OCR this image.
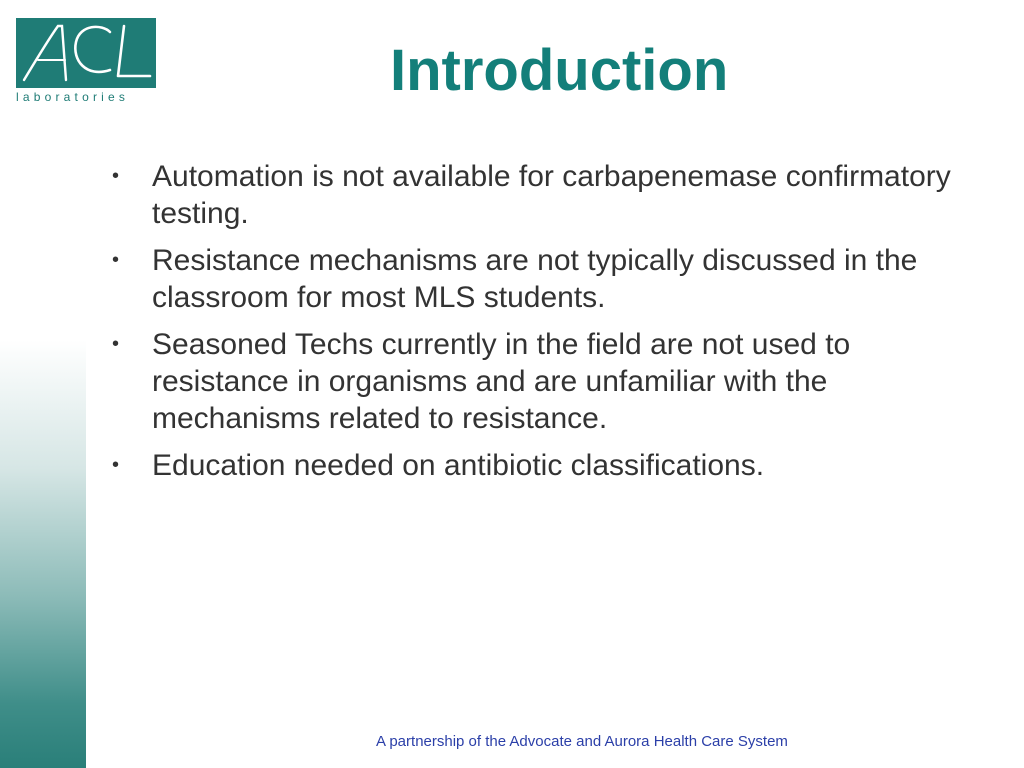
laboratories	Introduction
• Automation is not available for carbapenemase confirmatory testing.
• Resistance mechanisms are not typically discussed in the classroom for most MLS students.
• Seasoned Techs currently in the field are not used to resistance in organisms and are unfamiliar with the mechanisms related to resistance.
• Education needed on antibiotic classifications.
A partnership of the Advocate and Aurora Health Care System
